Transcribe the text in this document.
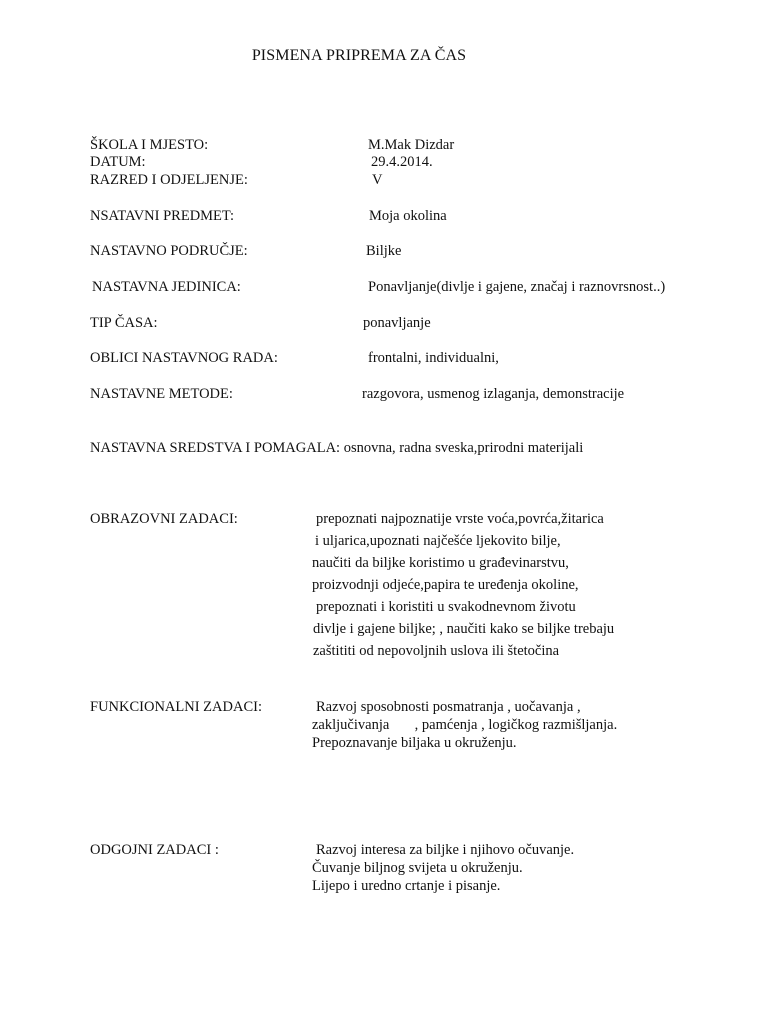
PISMENA PRIPREMA ZA ČAS
ŠKOLA I MJESTO:	M.Mak Dizdar
DATUM:	29.4.2014.
RAZRED I ODJELJENJE:	V
NSATAVNI PREDMET:	Moja okolina
NASTAVNO PODRUČJE:	Biljke
NASTAVNA JEDINICA:	Ponavljanje(divlje i gajene, značaj i raznovrsnost..)
TIP ČASA:	ponavljanje
OBLICI NASTAVNOG RADA:	frontalni, individualni,
NASTAVNE METODE:	razgovora, usmenog izlaganja, demonstracije
NASTAVNA SREDSTVA I POMAGALA: osnovna, radna sveska,prirodni materijali
OBRAZOVNI ZADACI:	prepoznati najpoznatije vrste voća,povrća,žitarica
i uljarica,upoznati najčešće ljekovito bilje,
naučiti da biljke koristimo u građevinarstvu,
proizvodnji odjeće,papira te uređenja okoline,
prepoznati i koristiti u svakodnevnom životu
divlje i gajene biljke; , naučiti kako se biljke trebaju
zaštititi od nepovoljnih uslova ili štetočina
FUNKCIONALNI ZADACI:	Razvoj sposobnosti posmatranja , uočavanja ,
zaključivanja       , pamćenja , logičkog razmišljanja.
Prepoznavanje biljaka u okruženju.
ODGOJNI ZADACI :	Razvoj interesa za biljke i njihovo očuvanje.
Čuvanje biljnog svijeta u okruženju.
Lijepo i uredno crtanje i pisanje.
